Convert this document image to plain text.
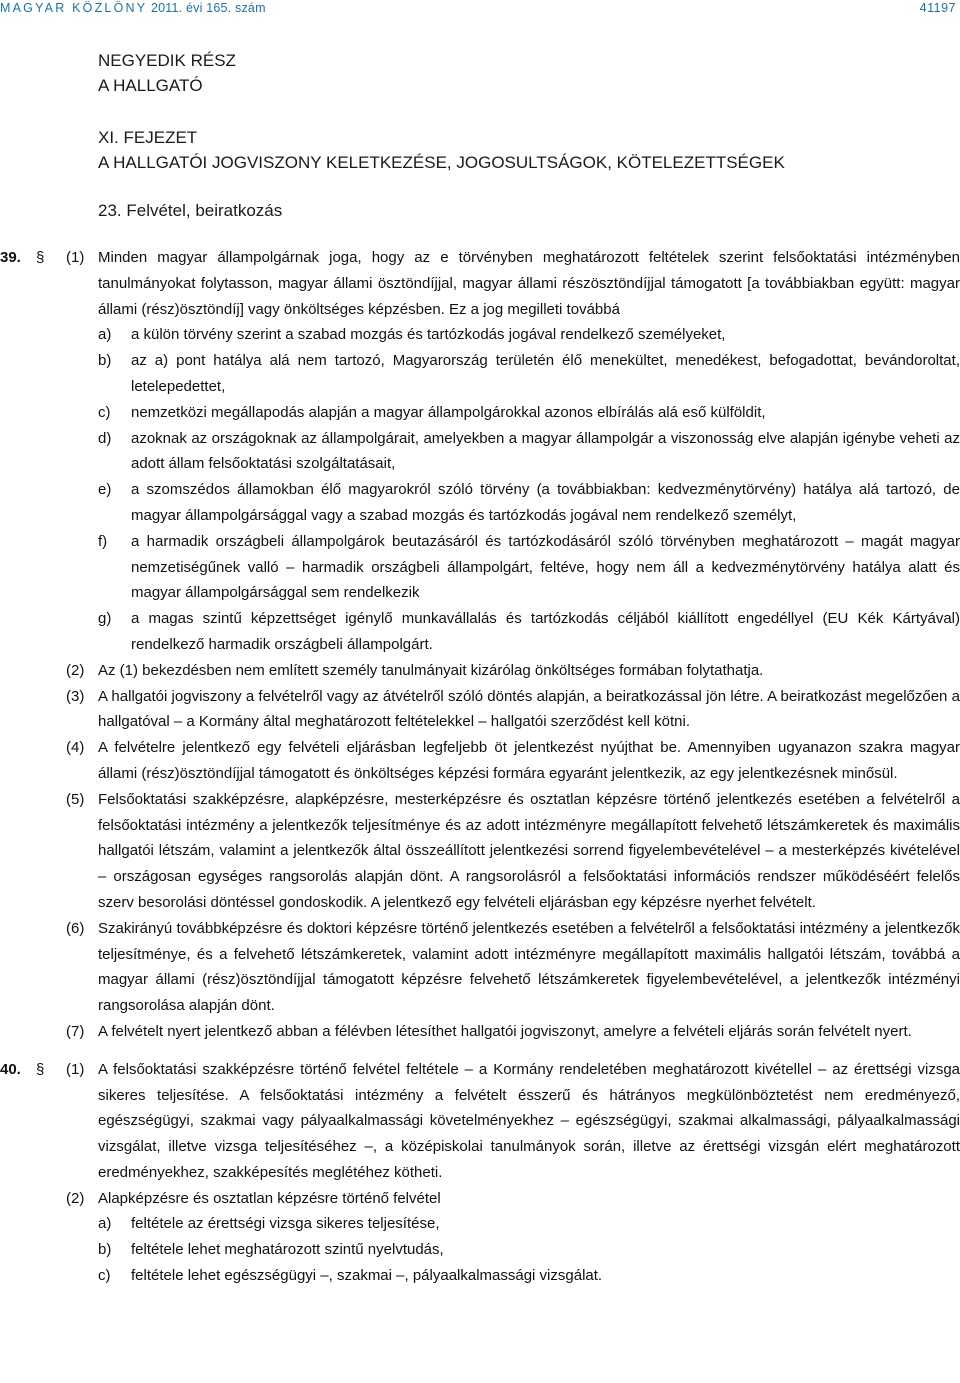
MAGYAR KÖZLÖNY 2011. évi 165. szám	41197
NEGYEDIK RÉSZ
A HALLGATÓ
XI. FEJEZET
A HALLGATÓI JOGVISZONY KELETKEZÉSE, JOGOSULTSÁGOK, KÖTELEZETTSÉGEK
23. Felvétel, beiratkozás
39. § (1) Minden magyar állampolgárnak joga, hogy az e törvényben meghatározott feltételek szerint felsőoktatási intézményben tanulmányokat folytasson, magyar állami ösztöndíjjal, magyar állami részösztöndíjjal támogatott [a továbbiakban együtt: magyar állami (rész)ösztöndíj] vagy önköltséges képzésben. Ez a jog megilleti továbbá
a) a külön törvény szerint a szabad mozgás és tartózkodás jogával rendelkező személyeket,
b) az a) pont hatálya alá nem tartozó, Magyarország területén élő menekültet, menedékest, befogadottat, bevándoroltat, letelepedettet,
c) nemzetközi megállapodás alapján a magyar állampolgárokkal azonos elbírálás alá eső külföldit,
d) azoknak az országoknak az állampolgárait, amelyekben a magyar állampolgár a viszonosság elve alapján igénybe veheti az adott állam felsőoktatási szolgáltatásait,
e) a szomszédos államokban élő magyarokról szóló törvény (a továbbiakban: kedvezménytörvény) hatálya alá tartozó, de magyar állampolgársággal vagy a szabad mozgás és tartózkodás jogával nem rendelkező személyt,
f) a harmadik országbeli állampolgárok beutazásáról és tartózkodásáról szóló törvényben meghatározott – magát magyar nemzetiségűnek valló – harmadik országbeli állampolgárt, feltéve, hogy nem áll a kedvezménytörvény hatálya alatt és magyar állampolgársággal sem rendelkezik
g) a magas szintű képzettséget igénylő munkavállalás és tartózkodás céljából kiállított engedéllyel (EU Kék Kártyával) rendelkező harmadik országbeli állampolgárt.
(2) Az (1) bekezdésben nem említett személy tanulmányait kizárólag önköltséges formában folytathatja.
(3) A hallgatói jogviszony a felvételről vagy az átvételről szóló döntés alapján, a beiratkozással jön létre. A beiratkozást megelőzően a hallgatóval – a Kormány által meghatározott feltételekkel – hallgatói szerződést kell kötni.
(4) A felvételre jelentkező egy felvételi eljárásban legfeljebb öt jelentkezést nyújthat be. Amennyiben ugyanazon szakra magyar állami (rész)ösztöndíjjal támogatott és önköltséges képzési formára egyaránt jelentkezik, az egy jelentkezésnek minősül.
(5) Felsőoktatási szakképzésre, alapképzésre, mesterképzésre és osztatlan képzésre történő jelentkezés esetében a felvételről a felsőoktatási intézmény a jelentkezők teljesítménye és az adott intézményre megállapított felvehető létszámkeretek és maximális hallgatói létszám, valamint a jelentkezők által összeállított jelentkezési sorrend figyelembevételével – a mesterképzés kivételével – országosan egységes rangsorolás alapján dönt. A rangsorolásról a felsőoktatási információs rendszer működéséért felelős szerv besorolási döntéssel gondoskodik. A jelentkező egy felvételi eljárásban egy képzésre nyerhet felvételt.
(6) Szakirányú továbbképzésre és doktori képzésre történő jelentkezés esetében a felvételről a felsőoktatási intézmény a jelentkezők teljesítménye, és a felvehető létszámkeretek, valamint adott intézményre megállapított maximális hallgatói létszám, továbbá a magyar állami (rész)ösztöndíjjal támogatott képzésre felvehető létszámkeretek figyelembevételével, a jelentkezők intézményi rangsorolása alapján dönt.
(7) A felvételt nyert jelentkező abban a félévben létesíthet hallgatói jogviszonyt, amelyre a felvételi eljárás során felvételt nyert.
40. § (1) A felsőoktatási szakképzésre történő felvétel feltétele – a Kormány rendeletében meghatározott kivétellel – az érettségi vizsga sikeres teljesítése. A felsőoktatási intézmény a felvételt ésszerű és hátrányos megkülönböztetést nem eredményező, egészségügyi, szakmai vagy pályaalkalmassági követelményekhez – egészségügyi, szakmai alkalmassági, pályaalkalmassági vizsgálat, illetve vizsga teljesítéséhez –, a középiskolai tanulmányok során, illetve az érettségi vizsgán elért meghatározott eredményekhez, szakképesítés meglétéhez kötheti.
(2) Alapképzésre és osztatlan képzésre történő felvétel
a) feltétele az érettségi vizsga sikeres teljesítése,
b) feltétele lehet meghatározott szintű nyelvtudás,
c) feltétele lehet egészségügyi –, szakmai –, pályaalkalmassági vizsgálat.
